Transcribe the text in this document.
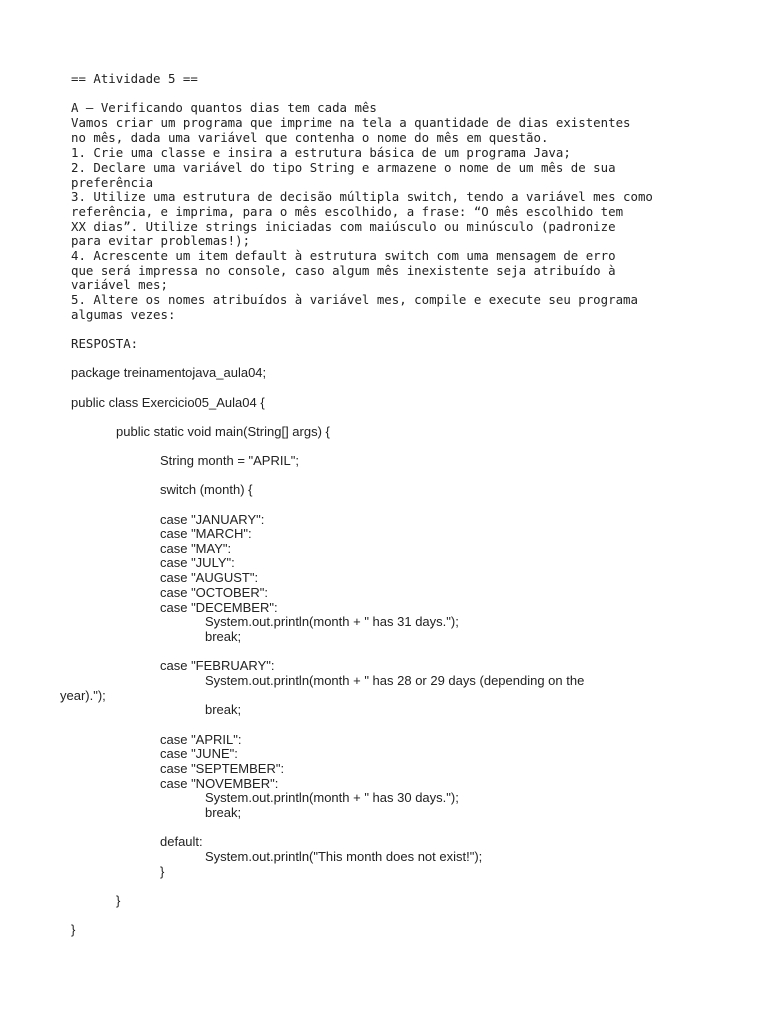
== Atividade 5 ==
A – Verificando quantos dias tem cada mês
Vamos criar um programa que imprime na tela a quantidade de dias existentes
no mês, dada uma variável que contenha o nome do mês em questão.
1. Crie uma classe e insira a estrutura básica de um programa Java;
2. Declare uma variável do tipo String e armazene o nome de um mês de sua
preferência
3. Utilize uma estrutura de decisão múltipla switch, tendo a variável mes como
referência, e imprima, para o mês escolhido, a frase: “O mês escolhido tem
XX dias”. Utilize strings iniciadas com maiúsculo ou minúsculo (padronize
para evitar problemas!);
4. Acrescente um item default à estrutura switch com uma mensagem de erro
que será impressa no console, caso algum mês inexistente seja atribuído à
variável mes;
5. Altere os nomes atribuídos à variável mes, compile e execute seu programa
algumas vezes:
RESPOSTA:
package treinamentojava_aula04;
public class Exercicio05_Aula04 {
public static void main(String[] args) {
String month = "APRIL";
switch (month) {
case "JANUARY":
case "MARCH":
case "MAY":
case "JULY":
case "AUGUST":
case "OCTOBER":
case "DECEMBER":
System.out.println(month + " has 31 days.");
break;
case "FEBRUARY":
System.out.println(month + " has 28 or 29 days (depending on the
year).");
break;
case "APRIL":
case "JUNE":
case "SEPTEMBER":
case "NOVEMBER":
System.out.println(month + " has 30 days.");
break;
default:
System.out.println("This month does not exist!");
}
}
}
